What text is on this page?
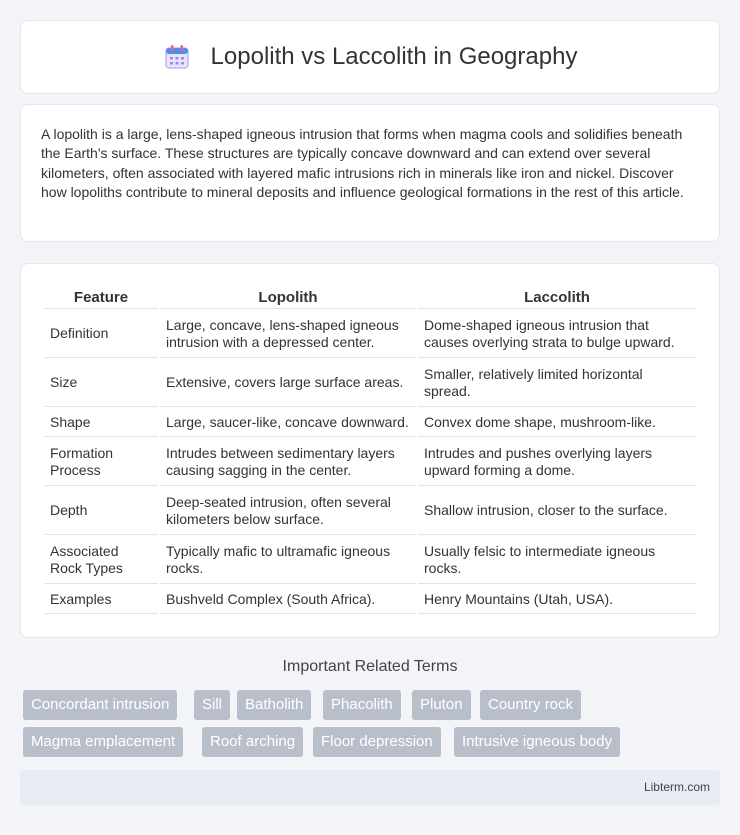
Lopolith vs Laccolith in Geography

A lopolith is a large, lens-shaped igneous intrusion that forms when magma cools and solidifies beneath the Earth's surface. These structures are typically concave downward and can extend over several kilometers, often associated with layered mafic intrusions rich in minerals like iron and nickel. Discover how lopoliths contribute to mineral deposits and influence geological formations in the rest of this article.

Feature	Lopolith	Laccolith
Definition	Large, concave, lens-shaped igneous intrusion with a depressed center.	Dome-shaped igneous intrusion that causes overlying strata to bulge upward.
Size	Extensive, covers large surface areas.	Smaller, relatively limited horizontal spread.
Shape	Large, saucer-like, concave downward.	Convex dome shape, mushroom-like.
Formation Process	Intrudes between sedimentary layers causing sagging in the center.	Intrudes and pushes overlying layers upward forming a dome.
Depth	Deep-seated intrusion, often several kilometers below surface.	Shallow intrusion, closer to the surface.
Associated Rock Types	Typically mafic to ultramafic igneous rocks.	Usually felsic to intermediate igneous rocks.
Examples	Bushveld Complex (South Africa).	Henry Mountains (Utah, USA).
Important Related Terms
Concordant intrusion	Sill	Batholith	Phacolith	Pluton	Country rock
Magma emplacement	Roof arching	Floor depression	Intrusive igneous body
Libterm.com
